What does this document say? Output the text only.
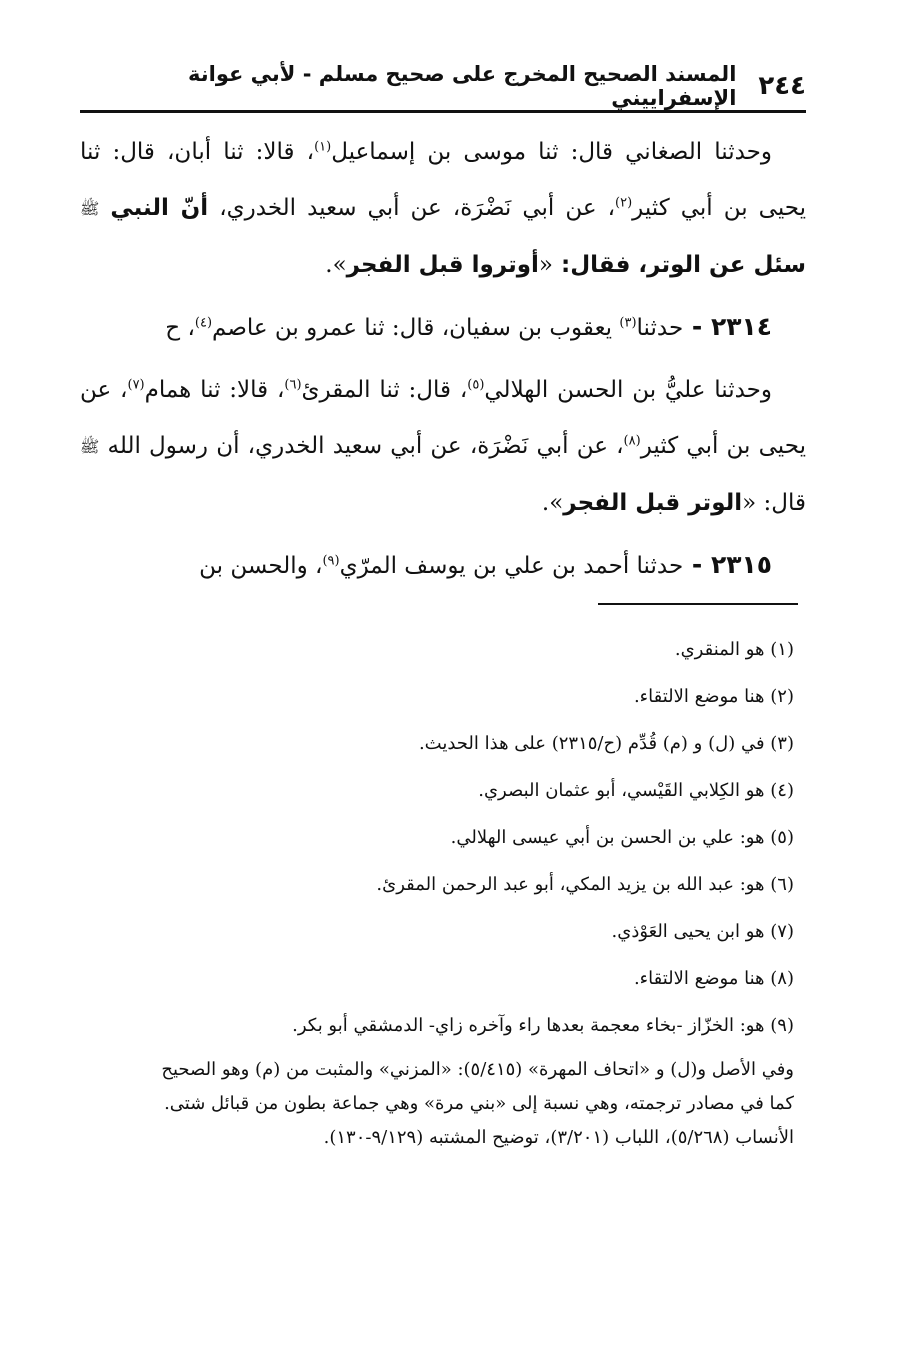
٢٤٤
المسند الصحيح المخرج على صحيح مسلم - لأبي عوانة الإسفراييني

وحدثنا الصغاني قال: ثنا موسى بن إسماعيل$^{(١)}$، قالا: ثنا أبان، قال: ثنا يحيى بن أبي كثير$^{(٢)}$، عن أبي نَضْرَة، عن أبي سعيد الخدري، أنّ النبي ﷺ سئل عن الوتر، فقال: «أوتروا قبل الفجر».

٢٣١٤ - حدثنا$^{(٣)}$ يعقوب بن سفيان، قال: ثنا عمرو بن عاصم$^{(٤)}$، ح

وحدثنا عليُّ بن الحسن الهلالي$^{(٥)}$، قال: ثنا المقرئ$^{(٦)}$، قالا: ثنا همام$^{(٧)}$، عن يحيى بن أبي كثير$^{(٨)}$، عن أبي نَضْرَة، عن أبي سعيد الخدري، أن رسول الله ﷺ قال: «الوتر قبل الفجر».

٢٣١٥ - حدثنا أحمد بن علي بن يوسف المرّي$^{(٩)}$، والحسن بن

(١) هو المنقري.
(٢) هنا موضع الالتقاء.
(٣) في (ل) و (م) قُدِّم (ح/٢٣١٥) على هذا الحديث.
(٤) هو الكِلابي القَيْسي، أبو عثمان البصري.
(٥) هو: علي بن الحسن بن أبي عيسى الهلالي.
(٦) هو: عبد الله بن يزيد المكي، أبو عبد الرحمن المقرئ.
(٧) هو ابن يحيى العَوْذي.
(٨) هنا موضع الالتقاء.
(٩) هو: الخزّاز -بخاء معجمة بعدها راء وآخره زاي- الدمشقي أبو بكر.
وفي الأصل و(ل) و «اتحاف المهرة» (٥/٤١٥): «المزني» والمثبت من (م) وهو الصحيح
كما في مصادر ترجمته، وهي نسبة إلى «بني مرة» وهي جماعة بطون من قبائل شتى.
الأنساب (٥/٢٦٨)، اللباب (٣/٢٠١)، توضيح المشتبه (٩/١٢٩-١٣٠).
